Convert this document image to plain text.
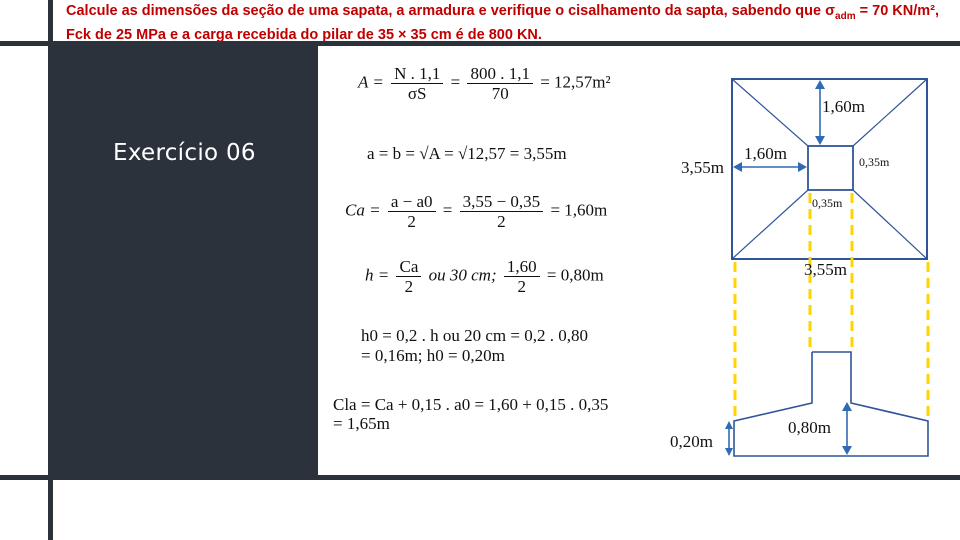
Calcule as dimensões da seção de uma sapata, a armadura e verifique o cisalhamento da sapta, sabendo que $\sigma_{adm} = 70$ KN/m², Fck de 25 MPa e a carga recebida do pilar de 35 × 35 cm é de 800 KN.
Exercício 06
$A = \frac{N . 1,1}{\sigma S} = \frac{800 . 1,1}{70} = 12,57m^2$
a = b = √A = √12,57 = 3,55m
$Ca = \frac{a - a0}{2} = \frac{3,55 - 0,35}{2} = 1,60m$
$h = \frac{Ca}{2}$ ou 30 cm; $\frac{1,60}{2} = 0,80m$
h0 = 0,2 . h ou 20 cm = 0,2 . 0,80
= 0,16m; h0 = 0,20m
Cla = Ca + 0,15 . a0 = 1,60 + 0,15 . 0,35
= 1,65m
1,60m
1,60m
3,55m	0,35m
0,35m
3,55m
0,80m
0,20m
